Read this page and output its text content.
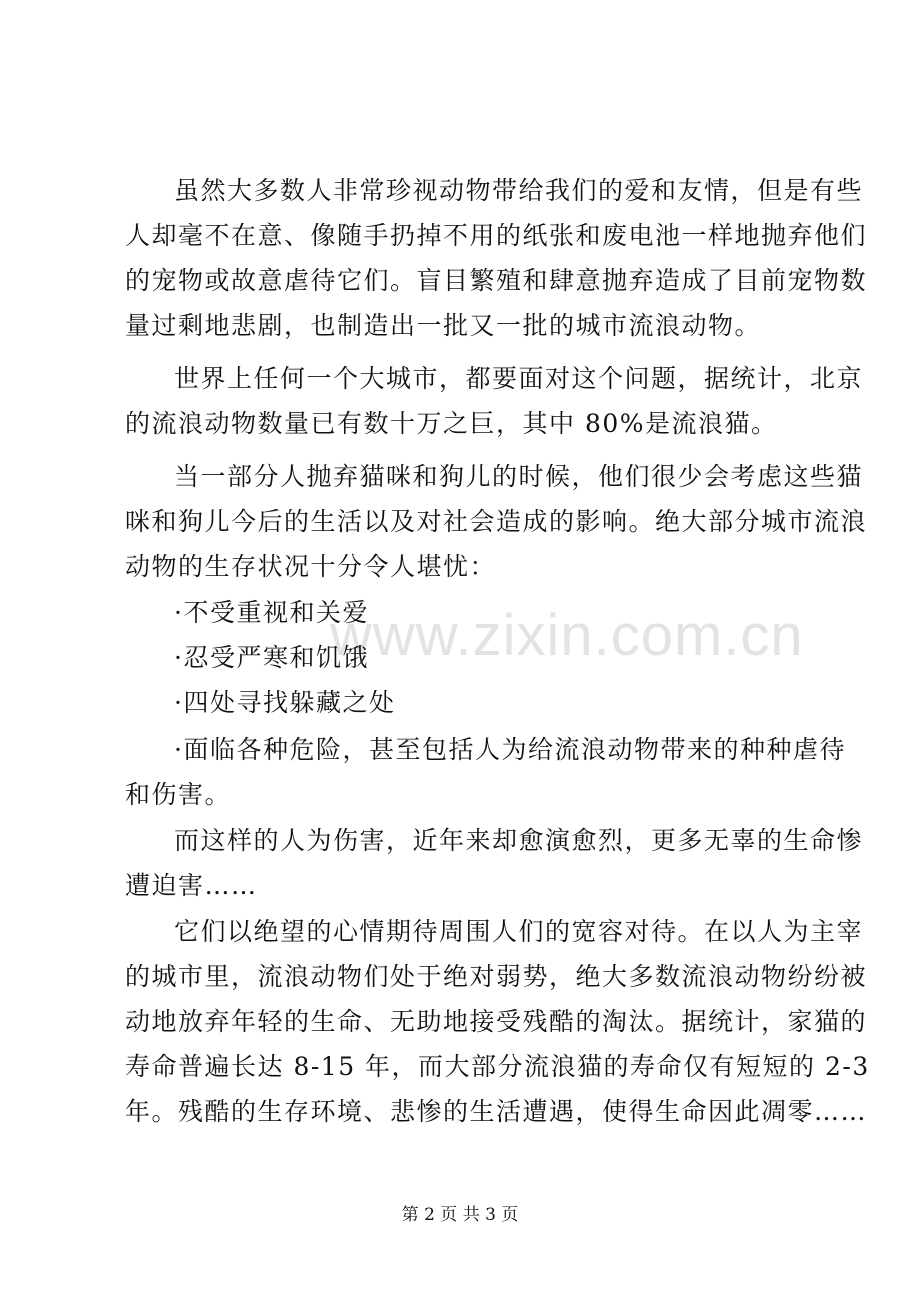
www.zixin.com.cn
虽然大多数人非常珍视动物带给我们的爱和友情，但是有些
人却毫不在意、像随手扔掉不用的纸张和废电池一样地抛弃他们
的宠物或故意虐待它们。盲目繁殖和肆意抛弃造成了目前宠物数
量过剩地悲剧，也制造出一批又一批的城市流浪动物。
世界上任何一个大城市，都要面对这个问题，据统计，北京
的流浪动物数量已有数十万之巨，其中 80%是流浪猫。
当一部分人抛弃猫咪和狗儿的时候，他们很少会考虑这些猫
咪和狗儿今后的生活以及对社会造成的影响。绝大部分城市流浪
动物的生存状况十分令人堪忧：
·不受重视和关爱
·忍受严寒和饥饿
·四处寻找躲藏之处
·面临各种危险，甚至包括人为给流浪动物带来的种种虐待
和伤害。
而这样的人为伤害，近年来却愈演愈烈，更多无辜的生命惨
遭迫害……
它们以绝望的心情期待周围人们的宽容对待。在以人为主宰
的城市里，流浪动物们处于绝对弱势，绝大多数流浪动物纷纷被
动地放弃年轻的生命、无助地接受残酷的淘汰。据统计，家猫的
寿命普遍长达 8-15 年，而大部分流浪猫的寿命仅有短短的 2-3
年。残酷的生存环境、悲惨的生活遭遇，使得生命因此凋零……
第 2 页 共 3 页
